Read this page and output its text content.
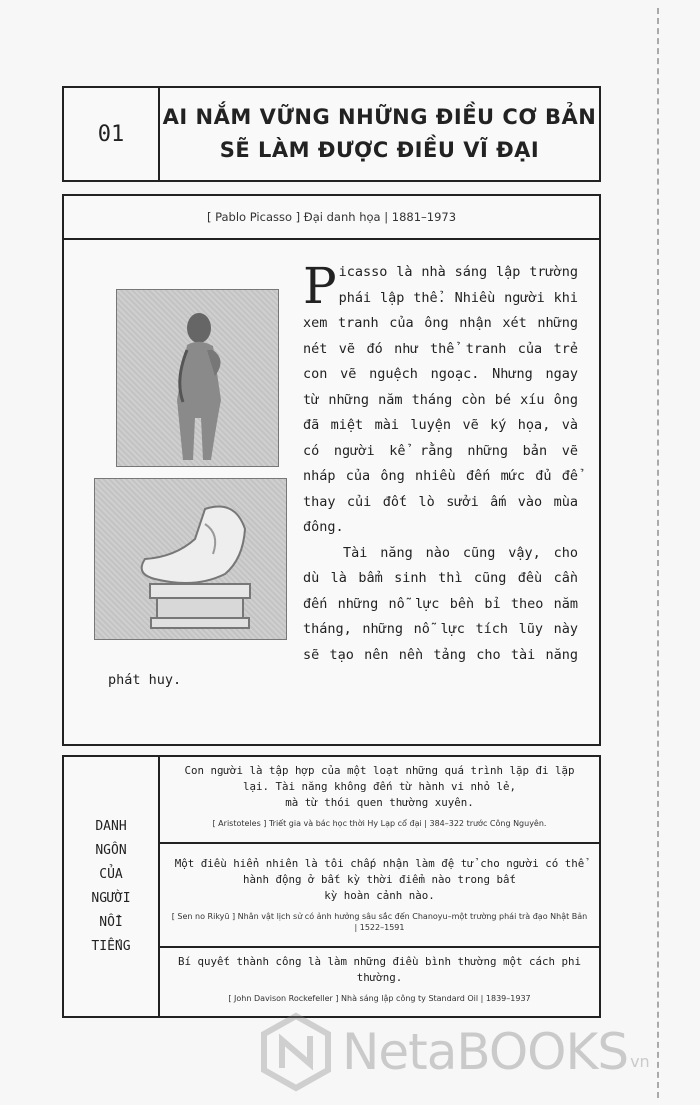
01
AI NẮM VỮNG NHỮNG ĐIỀU CƠ BẢN
SẼ LÀM ĐƯỢC ĐIỀU VĨ ĐẠI
[ Pablo Picasso ] Đại danh họa | 1881–1973

Picasso là nhà sáng lập trường phái lập thể. Nhiều người khi xem tranh của ông nhận xét những nét vẽ đó như thể tranh của trẻ con vẽ nguệch ngoạc. Nhưng ngay từ những năm tháng còn bé xíu ông đã miệt mài luyện vẽ ký họa, và có người kể rằng những bản vẽ nháp của ông nhiều đến mức đủ để thay củi đốt lò sưởi ấm vào mùa đông.

Tài năng nào cũng vậy, cho dù là bẩm sinh thì cũng đều cần đến những nỗ lực bền bỉ theo năm tháng, những nỗ lực tích lũy này sẽ tạo nên nền tảng cho tài năng phát huy.

DANH
NGÔN
CỦA
NGƯỜI
NỔI
TIẾNG
Con người là tập hợp của một loạt những quá trình lặp đi lặp lại. Tài năng không đến từ hành vi nhỏ lẻ,
mà từ thói quen thường xuyên.
[ Aristoteles ] Triết gia và bác học thời Hy Lạp cổ đại | 384–322 trước Công Nguyên.
Một điều hiển nhiên là tôi chấp nhận làm đệ tử cho người có thể hành động ở bất kỳ thời điểm nào trong bất
kỳ hoàn cảnh nào.
[ Sen no Rikyū ] Nhân vật lịch sử có ảnh hưởng sâu sắc đến Chanoyu–một trường phái trà đạo Nhật Bản | 1522–1591
Bí quyết thành công là làm những điều bình thường một cách phi thường.
[ John Davison Rockefeller ] Nhà sáng lập công ty Standard Oil | 1839–1937
NetaBOOKS vn
